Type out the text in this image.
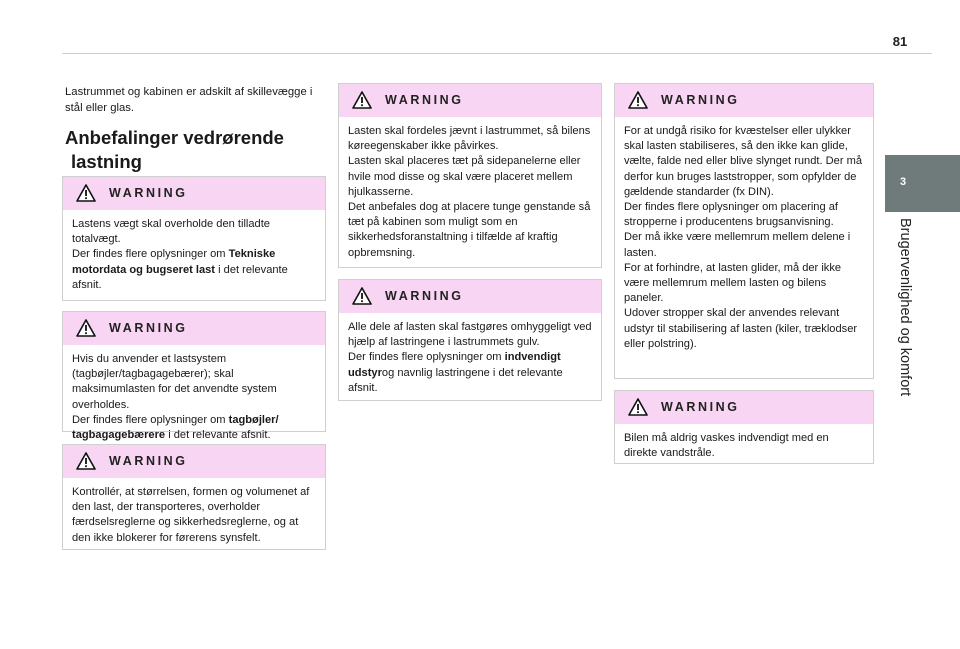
81
3
Brugervenlighed og komfort

Lastrummet og kabinen er adskilt af skillevægge i stål eller glas.

Anbefalinger vedrørende
lastning
WARNING

Lastens vægt skal overholde den tilladte totalvægt.
Der findes flere oplysninger om Tekniske motordata og bugseret last i det relevante afsnit.

WARNING

Hvis du anvender et lastsystem (tagbøjler/tagbagagebærer); skal maksimumlasten for det anvendte system overholdes.
Der findes flere oplysninger om tagbøjler/ tagbagagebærere i det relevante afsnit.

WARNING

Kontrollér, at størrelsen, formen og volumenet af den last, der transporteres, overholder færdselsreglerne og sikkerhedsreglerne, og at den ikke blokerer for førerens synsfelt.

WARNING

Lasten skal fordeles jævnt i lastrummet, så bilens køreegenskaber ikke påvirkes.
Lasten skal placeres tæt på sidepanelerne eller hvile mod disse og skal være placeret mellem hjulkasserne.
Det anbefales dog at placere tunge genstande så tæt på kabinen som muligt som en sikkerhedsforanstaltning i tilfælde af kraftig opbremsning.

WARNING

Alle dele af lasten skal fastgøres omhyggeligt ved hjælp af lastringene i lastrummets gulv.
Der findes flere oplysninger om indvendigt udstyrog navnlig lastringene i det relevante afsnit.

WARNING

For at undgå risiko for kvæstelser eller ulykker skal lasten stabiliseres, så den ikke kan glide, vælte, falde ned eller blive slynget rundt. Der må derfor kun bruges laststropper, som opfylder de gældende standarder (fx DIN).
Der findes flere oplysninger om placering af stropperne i producentens brugsanvisning.
Der må ikke være mellemrum mellem delene i lasten.
For at forhindre, at lasten glider, må der ikke være mellemrum mellem lasten og bilens paneler.
Udover stropper skal der anvendes relevant udstyr til stabilisering af lasten (kiler, træklodser eller polstring).

WARNING

Bilen må aldrig vaskes indvendigt med en direkte vandstråle.
